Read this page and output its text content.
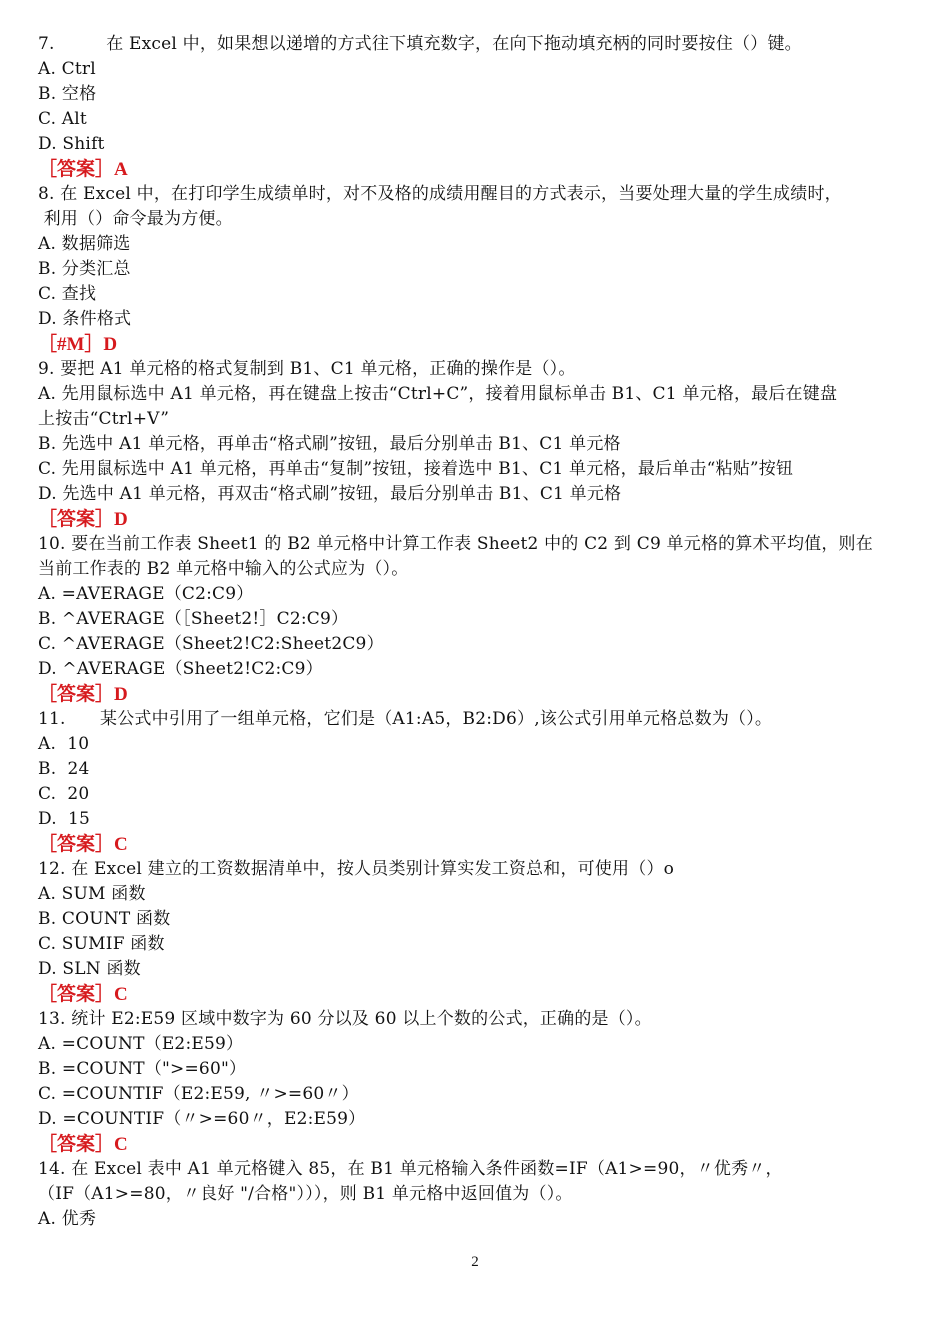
7.　　　在 Excel 中，如果想以递增的方式往下填充数字，在向下拖动填充柄的同时要按住（）键。
A. Ctrl
B. 空格
C. Alt
D. Shift
［答案］A
8. 在 Excel 中，在打印学生成绩单时，对不及格的成绩用醒目的方式表示，当要处理大量的学生成绩时，
利用（）命令最为方便。
A. 数据筛选
B. 分类汇总
C. 查找
D. 条件格式
［#M］D
9. 要把 A1 单元格的格式复制到 B1、C1 单元格，正确的操作是（）。
A. 先用鼠标选中 A1 单元格，再在键盘上按击“Ctrl+C”，接着用鼠标单击 B1、C1 单元格，最后在键盘
上按击“Ctrl+V”
B. 先选中 A1 单元格，再单击“格式刷”按钮，最后分别单击 B1、C1 单元格
C. 先用鼠标选中 A1 单元格，再单击“复制”按钮，接着选中 B1、C1 单元格，最后单击“粘贴”按钮
D. 先选中 A1 单元格，再双击“格式刷”按钮，最后分别单击 B1、C1 单元格
［答案］D
10. 要在当前工作表 Sheet1 的 B2 单元格中计算工作表 Sheet2 中的 C2 到 C9 单元格的算术平均值，则在
当前工作表的 B2 单元格中输入的公式应为（）。
A. =AVERAGE（C2:C9）
B. ^AVERAGE（［Sheet2!］C2:C9）
C. ^AVERAGE（Sheet2!C2:Sheet2C9）
D. ^AVERAGE（Sheet2!C2:C9）
［答案］D
11.　　某公式中引用了一组单元格，它们是（A1:A5，B2:D6）,该公式引用单元格总数为（）。
A.  10
B.  24
C.  20
D.  15
［答案］C
12. 在 Excel 建立的工资数据清单中，按人员类别计算实发工资总和，可使用（）o
A. SUM 函数
B. COUNT 函数
C. SUMIF 函数
D. SLN 函数
［答案］C
13. 统计 E2:E59 区域中数字为 60 分以及 60 以上个数的公式，正确的是（）。
A. =COUNT（E2:E59）
B. =COUNT（">=60"）
C. =COUNTIF（E2:E59, 〃>=60〃）
D. =COUNTIF（〃>=60〃，E2:E59）
［答案］C
14. 在 Excel 表中 A1 单元格键入 85，在 B1 单元格输入条件函数=IF（A1>=90，〃优秀〃，
（IF（A1>=80，〃良好 "/合格"））），则 B1 单元格中返回值为（）。
A. 优秀
2
